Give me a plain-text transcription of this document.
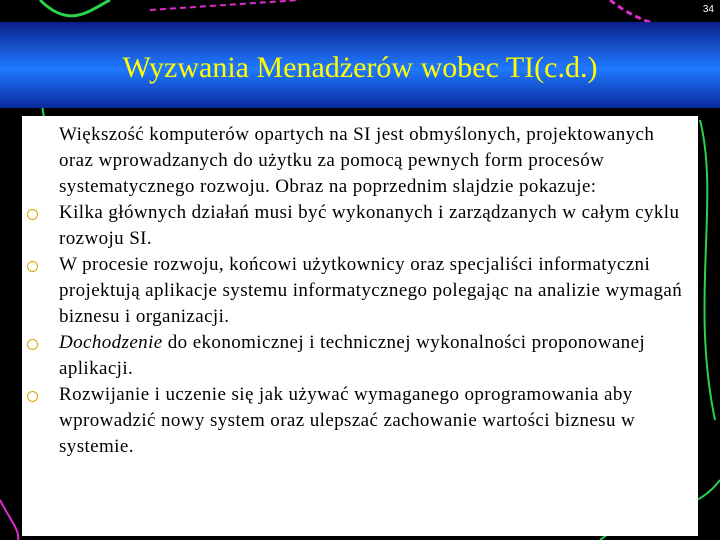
34
Wyzwania Menadżerów wobec TI(c.d.)
Większość komputerów opartych na SI jest obmyślonych, projektowanych oraz wprowadzanych do użytku za pomocą pewnych form procesów systematycznego rozwoju. Obraz na poprzednim slajdzie pokazuje:
Kilka głównych działań musi być wykonanych i zarządzanych w całym cyklu rozwoju SI.
W procesie rozwoju, końcowi użytkownicy oraz specjaliści informatyczni projektują aplikacje systemu informatycznego polegając na analizie wymagań biznesu i organizacji.
Dochodzenie do ekonomicznej i technicznej wykonalności proponowanej aplikacji.
Rozwijanie i uczenie się jak używać wymaganego oprogramowania aby wprowadzić nowy system oraz ulepszać zachowanie wartości biznesu w systemie.
